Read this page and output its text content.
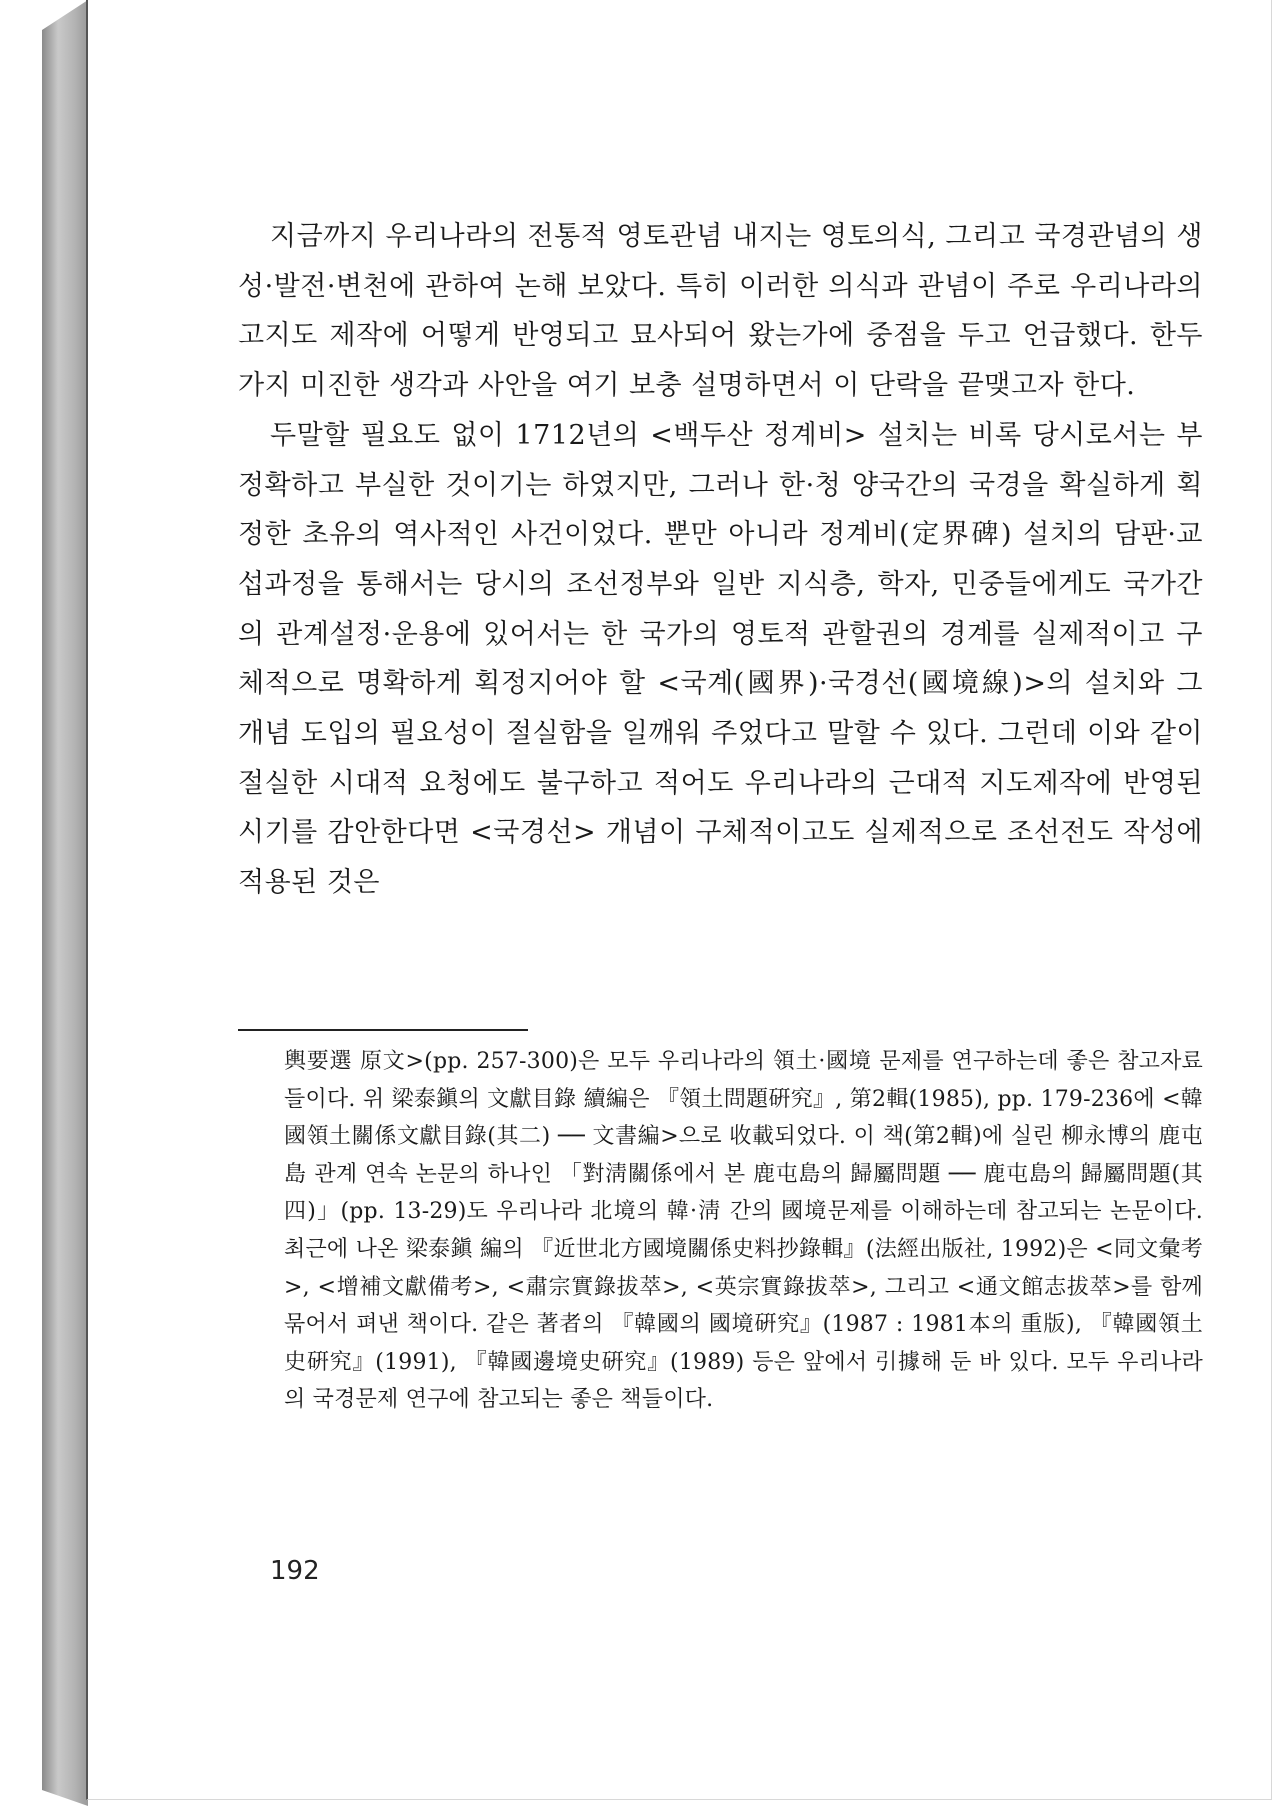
지금까지 우리나라의 전통적 영토관념 내지는 영토의식, 그리고 국경관념의 생성·발전·변천에 관하여 논해 보았다. 특히 이러한 의식과 관념이 주로 우리나라의 고지도 제작에 어떻게 반영되고 묘사되어 왔는가에 중점을 두고 언급했다. 한두 가지 미진한 생각과 사안을 여기 보충 설명하면서 이 단락을 끝맺고자 한다.

두말할 필요도 없이 1712년의 <백두산 정계비> 설치는 비록 당시로서는 부정확하고 부실한 것이기는 하였지만, 그러나 한·청 양국간의 국경을 확실하게 획정한 초유의 역사적인 사건이었다. 뿐만 아니라 정계비(定界碑) 설치의 담판·교섭과정을 통해서는 당시의 조선정부와 일반 지식층, 학자, 민중들에게도 국가간의 관계설정·운용에 있어서는 한 국가의 영토적 관할권의 경계를 실제적이고 구체적으로 명확하게 획정지어야 할 <국계(國界)·국경선(國境線)>의 설치와 그 개념 도입의 필요성이 절실함을 일깨워 주었다고 말할 수 있다. 그런데 이와 같이 절실한 시대적 요청에도 불구하고 적어도 우리나라의 근대적 지도제작에 반영된 시기를 감안한다면 <국경선> 개념이 구체적이고도 실제적으로 조선전도 작성에 적용된 것은

輿要選 原文>(pp. 257-300)은 모두 우리나라의 領土·國境 문제를 연구하는데 좋은 참고자료들이다. 위 梁泰鎭의 文獻目錄 續編은 『領土問題硏究』, 第2輯(1985), pp. 179-236에 <韓國領土關係文獻目錄(其二) ── 文書編>으로 收載되었다. 이 책(第2輯)에 실린 柳永博의 鹿屯島 관계 연속 논문의 하나인 「對淸關係에서 본 鹿屯島의 歸屬問題 ── 鹿屯島의 歸屬問題(其四)」(pp. 13-29)도 우리나라 北境의 韓·淸 간의 國境문제를 이해하는데 참고되는 논문이다. 최근에 나온 梁泰鎭 編의 『近世北方國境關係史料抄錄輯』(法經出版社, 1992)은 <同文彙考>, <增補文獻備考>, <肅宗實錄拔萃>, <英宗實錄拔萃>, 그리고 <通文館志拔萃>를 함께 묶어서 펴낸 책이다. 같은 著者의 『韓國의 國境硏究』(1987 : 1981本의 重版), 『韓國領土史硏究』(1991), 『韓國邊境史硏究』(1989) 등은 앞에서 引據해 둔 바 있다. 모두 우리나라의 국경문제 연구에 참고되는 좋은 책들이다.

192
